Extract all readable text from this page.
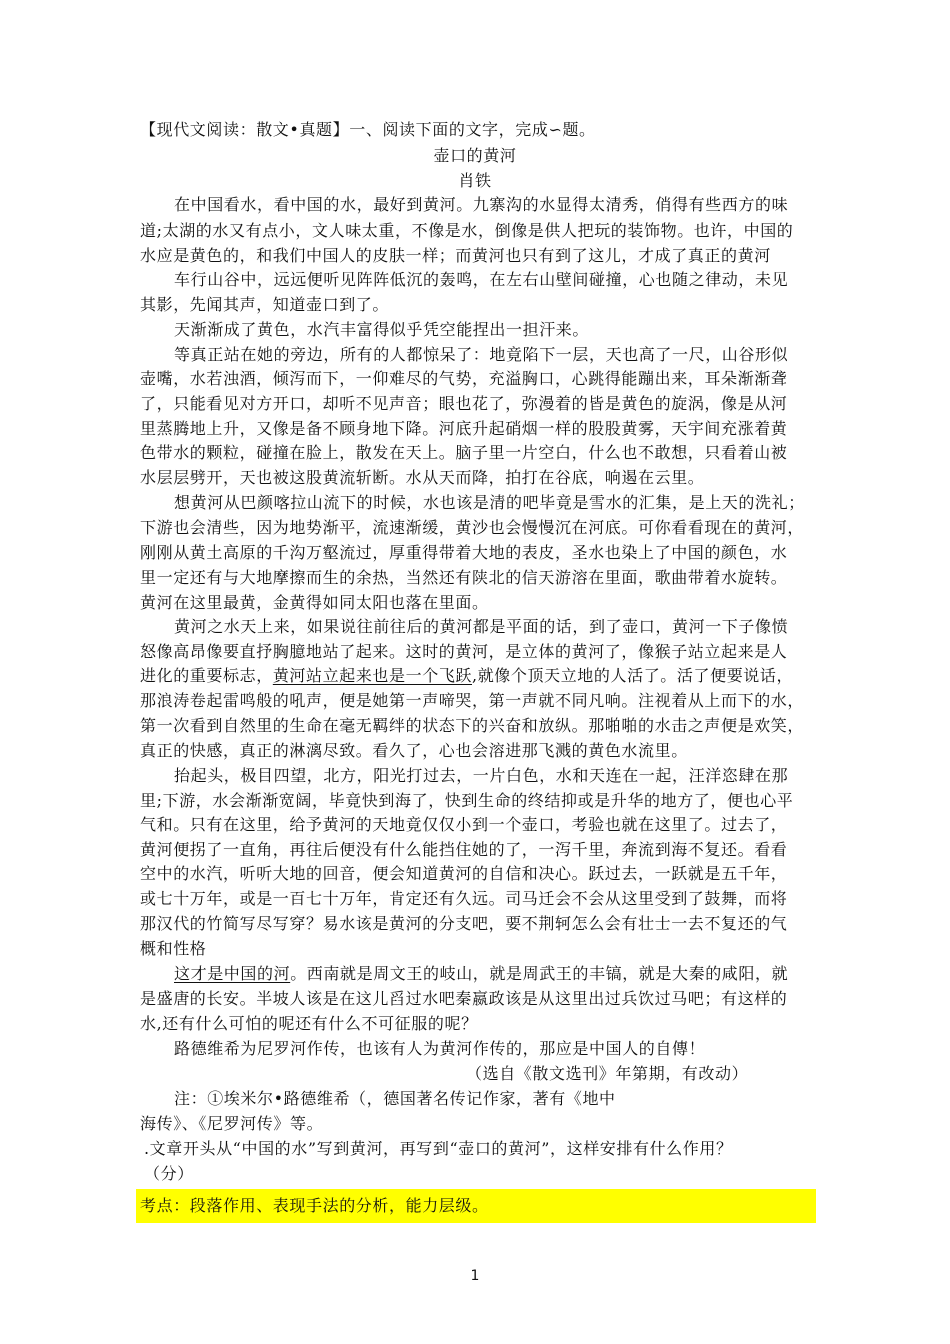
【现代文阅读：散文•真题】一、阅读下面的文字，完成∽题。
壶口的黄河
肖铁
在中国看水，看中国的水，最好到黄河。九寨沟的水显得太清秀，俏得有些西方的味
道;太湖的水又有点小，文人味太重，不像是水，倒像是供人把玩的装饰物。也许，中国的
水应是黄色的，和我们中国人的皮肤一样；而黄河也只有到了这儿，才成了真正的黄河
车行山谷中，远远便听见阵阵低沉的轰鸣，在左右山壁间碰撞，心也随之律动，未见
其影，先闻其声，知道壶口到了。
天渐渐成了黄色，水汽丰富得似乎凭空能捏出一担汗来。
等真正站在她的旁边，所有的人都惊呆了：地竟陷下一层，天也高了一尺，山谷形似
壶嘴，水若浊酒，倾泻而下，一仰难尽的气势，充溢胸口，心跳得能蹦出来，耳朵渐渐聋
了，只能看见对方开口，却听不见声音；眼也花了，弥漫着的皆是黄色的旋涡，像是从河
里蒸腾地上升，又像是备不顾身地下降。河底升起硝烟一样的股股黄雾，天宇间充涨着黄
色带水的颗粒，碰撞在脸上，散发在天上。脑子里一片空白，什么也不敢想，只看着山被
水层层劈开，天也被这股黄流斩断。水从天而降，拍打在谷底，响遏在云里。
想黄河从巴颜喀拉山流下的时候，水也该是清的吧毕竟是雪水的汇集，是上天的洗礼；
下游也会清些，因为地势渐平，流速渐缓，黄沙也会慢慢沉在河底。可你看看现在的黄河，
刚刚从黄土高原的千沟万壑流过，厚重得带着大地的表皮，圣水也染上了中国的颜色，水
里一定还有与大地摩擦而生的余热，当然还有陕北的信天游溶在里面，歌曲带着水旋转。
黄河在这里最黄，金黄得如同太阳也落在里面。
黄河之水天上来，如果说往前往后的黄河都是平面的话，到了壶口，黄河一下子像愤
怒像高昂像要直抒胸臆地站了起来。这时的黄河，是立体的黄河了，像猴子站立起来是人
进化的重要标志，黄河站立起来也是一个飞跃,就像个顶天立地的人活了。活了便要说话，
那浪涛卷起雷鸣般的吼声，便是她第一声啼哭，第一声就不同凡响。注视着从上而下的水，
第一次看到自然里的生命在毫无羁绊的状态下的兴奋和放纵。那啪啪的水击之声便是欢笑，
真正的快感，真正的淋漓尽致。看久了，心也会溶进那飞溅的黄色水流里。
抬起头，极目四望，北方，阳光打过去，一片白色，水和天连在一起，汪洋恣肆在那
里;下游，水会渐渐宽阔，毕竟快到海了，快到生命的终结抑或是升华的地方了，便也心平
气和。只有在这里，给予黄河的天地竟仅仅小到一个壶口，考验也就在这里了。过去了，
黄河便拐了一直角，再往后便没有什么能挡住她的了，一泻千里，奔流到海不复还。看看
空中的水汽，听听大地的回音，便会知道黄河的自信和决心。跃过去，一跃就是五千年，
或七十万年，或是一百七十万年，肯定还有久远。司马迁会不会从这里受到了鼓舞，而将
那汉代的竹简写尽写穿？易水该是黄河的分支吧，要不荆轲怎么会有壮士一去不复还的气
概和性格
这才是中国的河。西南就是周文王的岐山，就是周武王的丰镐，就是大秦的咸阳，就
是盛唐的长安。半坡人该是在这儿舀过水吧秦嬴政该是从这里出过兵饮过马吧；有这样的
水,还有什么可怕的呢还有什么不可征服的呢？
路德维希为尼罗河作传，也该有人为黄河作传的，那应是中国人的自傳！
（选自《散文选刊》年第期，有改动）
注：①埃米尔•路德维希（，德国著名传记作家，著有《地中
海传》、《尼罗河传》等。
.文章开头从“中国的水”写到黄河，再写到“壶口的黄河”，这样安排有什么作用？
（分）
考点：段落作用、表现手法的分析，能力层级。
1
